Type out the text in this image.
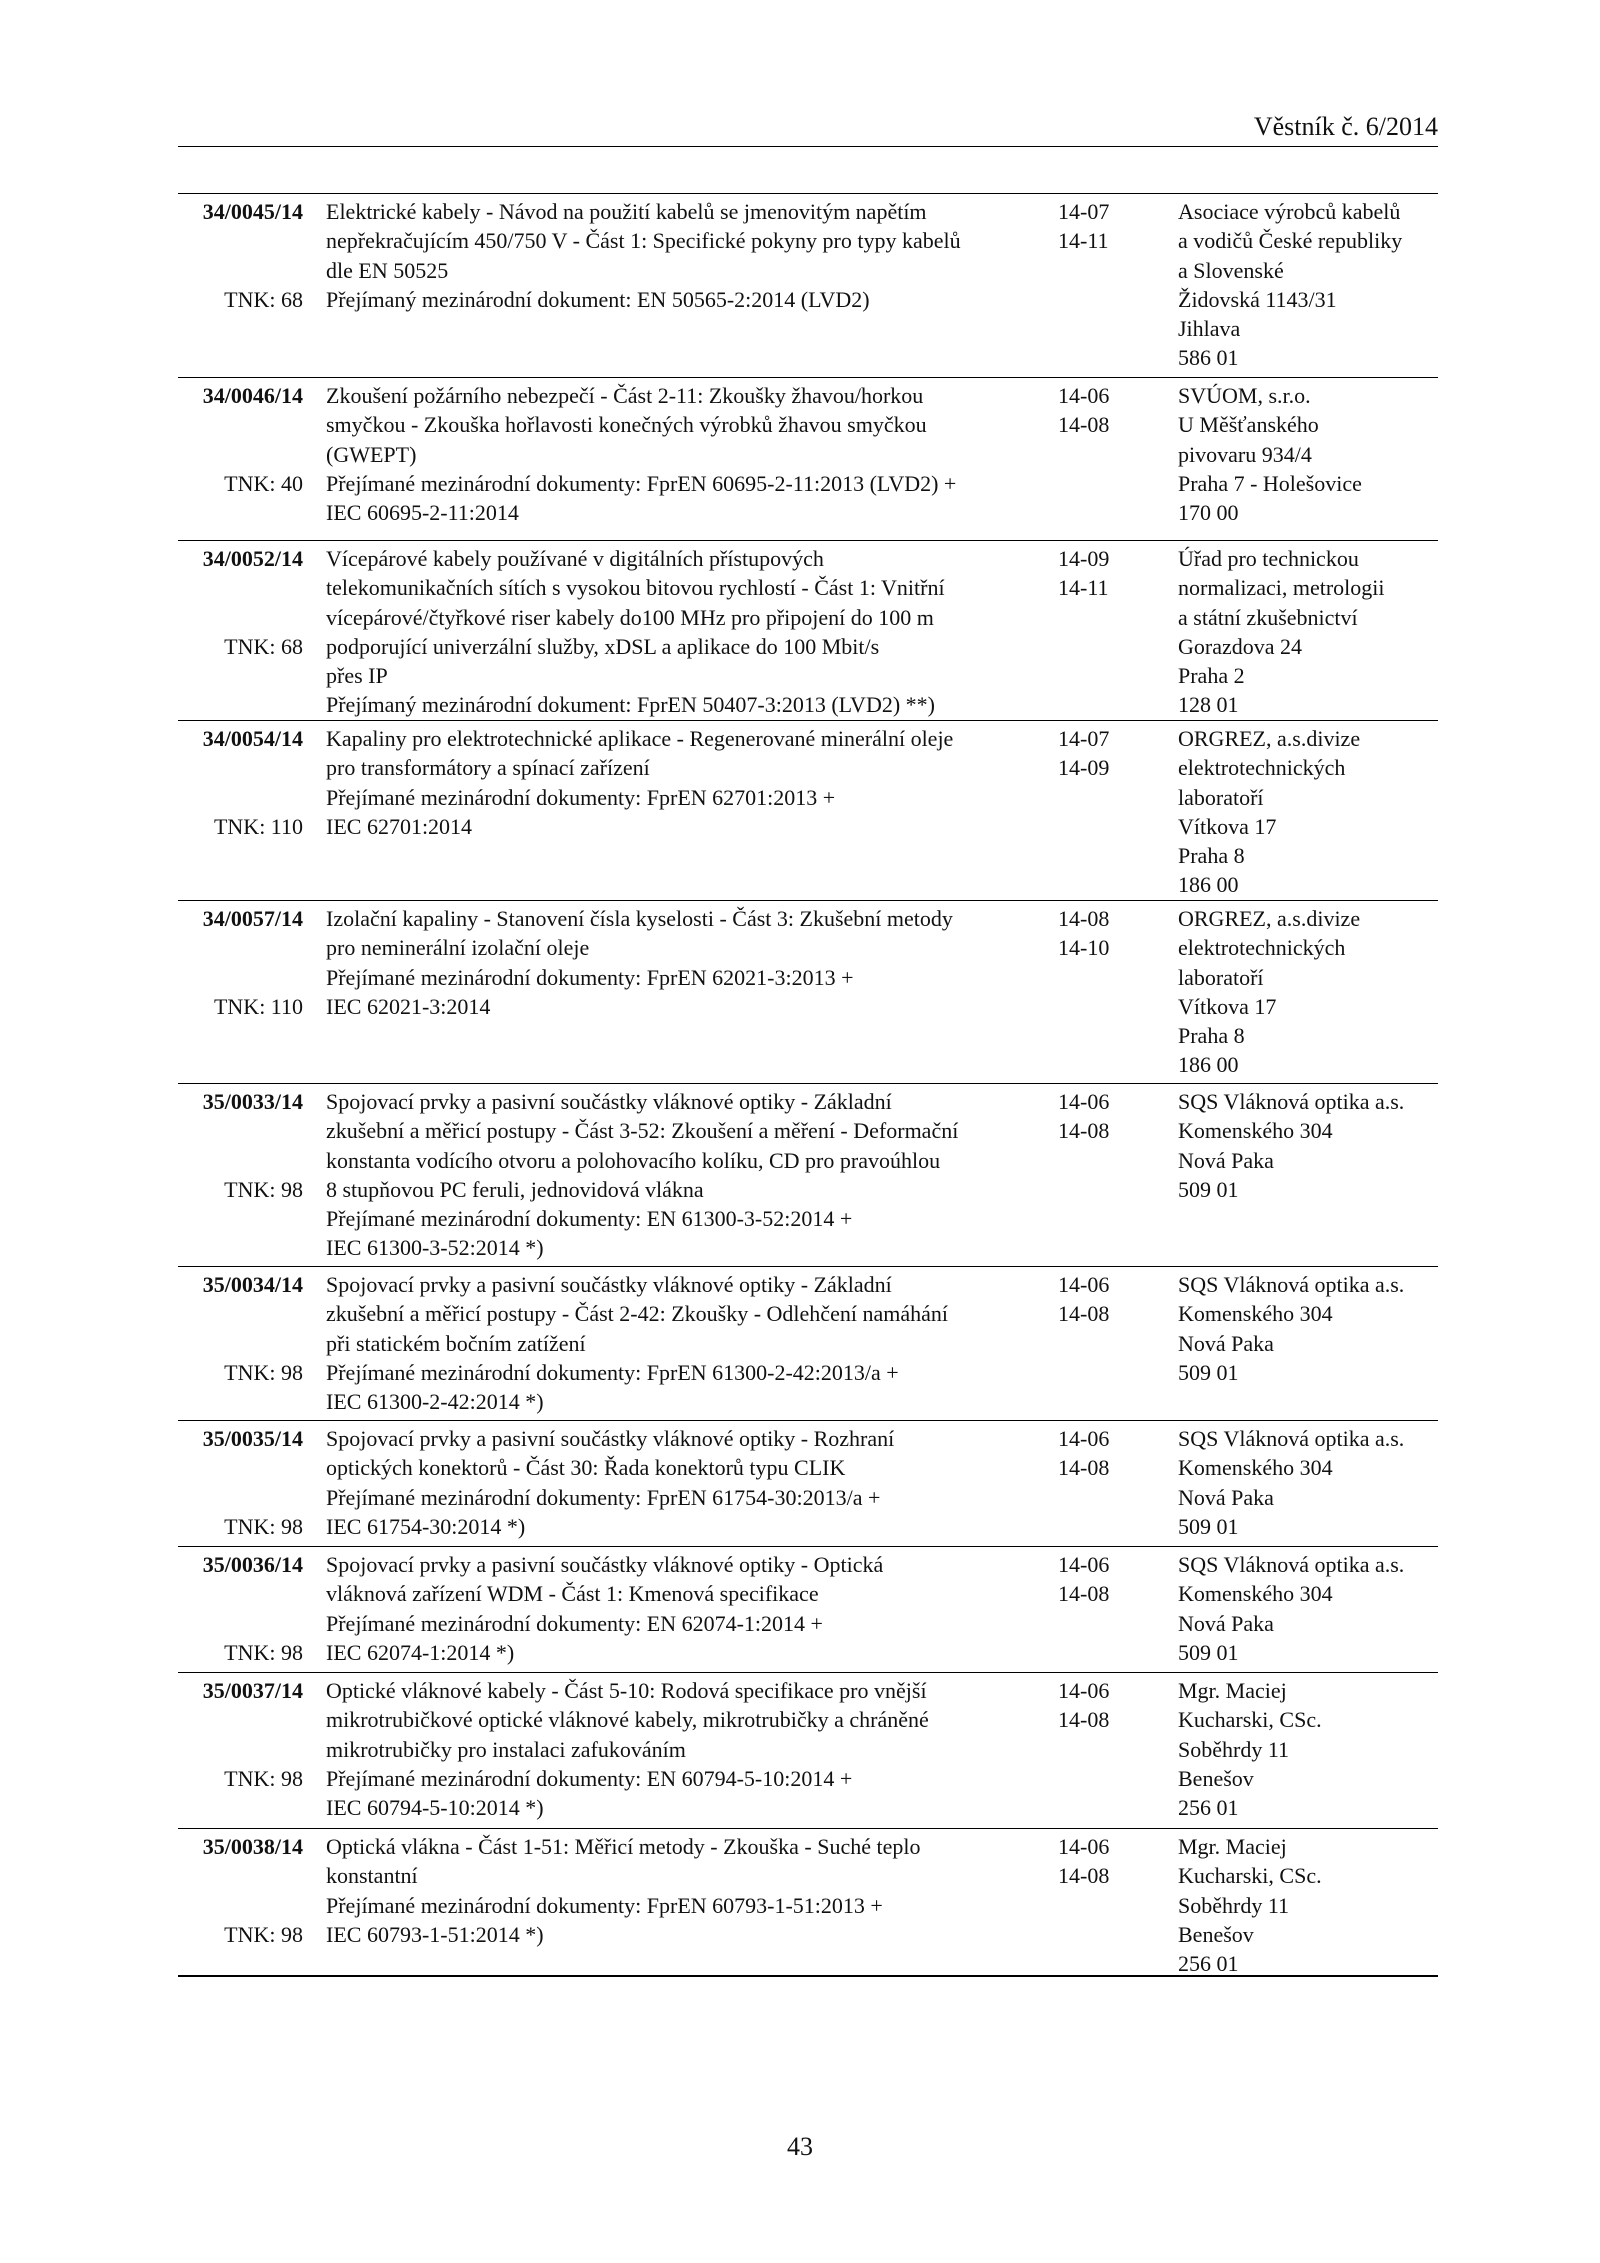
Věstník č. 6/2014
34/0045/14
TNK: 68
Elektrické kabely - Návod na použití kabelů se jmenovitým napětím
nepřekračujícím 450/750 V - Část 1: Specifické pokyny pro typy kabelů
dle EN 50525
Přejímaný mezinárodní dokument: EN 50565-2:2014 (LVD2)
14-07
14-11
Asociace výrobců kabelů
a vodičů České republiky
a Slovenské
Židovská 1143/31
Jihlava
586 01
34/0046/14
TNK: 40
Zkoušení požárního nebezpečí - Část 2-11: Zkoušky žhavou/horkou
smyčkou - Zkouška hořlavosti konečných výrobků žhavou smyčkou
(GWEPT)
Přejímané mezinárodní dokumenty: FprEN 60695-2-11:2013 (LVD2) +
IEC 60695-2-11:2014
14-06
14-08
SVÚOM, s.r.o.
U Měšťanského
pivovaru 934/4
Praha 7 - Holešovice
170 00
34/0052/14
TNK: 68
Vícepárové kabely používané v digitálních přístupových
telekomunikačních sítích s vysokou bitovou rychlostí - Část 1: Vnitřní
vícepárové/čtyřkové riser kabely do100 MHz pro připojení do 100 m
podporující univerzální služby, xDSL a aplikace do 100 Mbit/s
přes IP
Přejímaný mezinárodní dokument: FprEN 50407-3:2013 (LVD2) **)
14-09
14-11
Úřad pro technickou
normalizaci, metrologii
a státní zkušebnictví
Gorazdova 24
Praha 2
128 01
34/0054/14
TNK: 110
Kapaliny pro elektrotechnické aplikace - Regenerované minerální oleje
pro transformátory a spínací zařízení
Přejímané mezinárodní dokumenty: FprEN 62701:2013 +
IEC 62701:2014
14-07
14-09
ORGREZ, a.s.divize
elektrotechnických
laboratoří
Vítkova 17
Praha 8
186 00
34/0057/14
TNK: 110
Izolační kapaliny - Stanovení čísla kyselosti - Část 3: Zkušební metody
pro neminerální izolační oleje
Přejímané mezinárodní dokumenty: FprEN 62021-3:2013 +
IEC 62021-3:2014
14-08
14-10
ORGREZ, a.s.divize
elektrotechnických
laboratoří
Vítkova 17
Praha 8
186 00
35/0033/14
TNK: 98
Spojovací prvky a pasivní součástky vláknové optiky - Základní
zkušební a měřicí postupy - Část 3-52: Zkoušení a měření - Deformační
konstanta vodícího otvoru a polohovacího kolíku, CD pro pravoúhlou
8 stupňovou PC feruli, jednovidová vlákna
Přejímané mezinárodní dokumenty: EN 61300-3-52:2014 +
IEC 61300-3-52:2014 *)
14-06
14-08
SQS Vláknová optika a.s.
Komenského 304
Nová Paka
509 01
35/0034/14
TNK: 98
Spojovací prvky a pasivní součástky vláknové optiky - Základní
zkušební a měřicí postupy - Část 2-42: Zkoušky - Odlehčení namáhání
při statickém bočním zatížení
Přejímané mezinárodní dokumenty: FprEN 61300-2-42:2013/a +
IEC 61300-2-42:2014 *)
14-06
14-08
SQS Vláknová optika a.s.
Komenského 304
Nová Paka
509 01
35/0035/14
TNK: 98
Spojovací prvky a pasivní součástky vláknové optiky - Rozhraní
optických konektorů - Část 30: Řada konektorů typu CLIK
Přejímané mezinárodní dokumenty: FprEN 61754-30:2013/a +
IEC 61754-30:2014 *)
14-06
14-08
SQS Vláknová optika a.s.
Komenského 304
Nová Paka
509 01
35/0036/14
TNK: 98
Spojovací prvky a pasivní součástky vláknové optiky - Optická
vláknová zařízení WDM - Část 1: Kmenová specifikace
Přejímané mezinárodní dokumenty: EN 62074-1:2014 +
IEC 62074-1:2014 *)
14-06
14-08
SQS Vláknová optika a.s.
Komenského 304
Nová Paka
509 01
35/0037/14
TNK: 98
Optické vláknové kabely - Část 5-10: Rodová specifikace pro vnější
mikrotrubičkové optické vláknové kabely, mikrotrubičky a chráněné
mikrotrubičky pro instalaci zafukováním
Přejímané mezinárodní dokumenty: EN 60794-5-10:2014 +
IEC 60794-5-10:2014 *)
14-06
14-08
Mgr. Maciej
Kucharski, CSc.
Soběhrdy 11
Benešov
256 01
35/0038/14
TNK: 98
Optická vlákna - Část 1-51: Měřicí metody - Zkouška - Suché teplo
konstantní
Přejímané mezinárodní dokumenty: FprEN 60793-1-51:2013 +
IEC 60793-1-51:2014 *)
14-06
14-08
Mgr. Maciej
Kucharski, CSc.
Soběhrdy 11
Benešov
256 01
43
